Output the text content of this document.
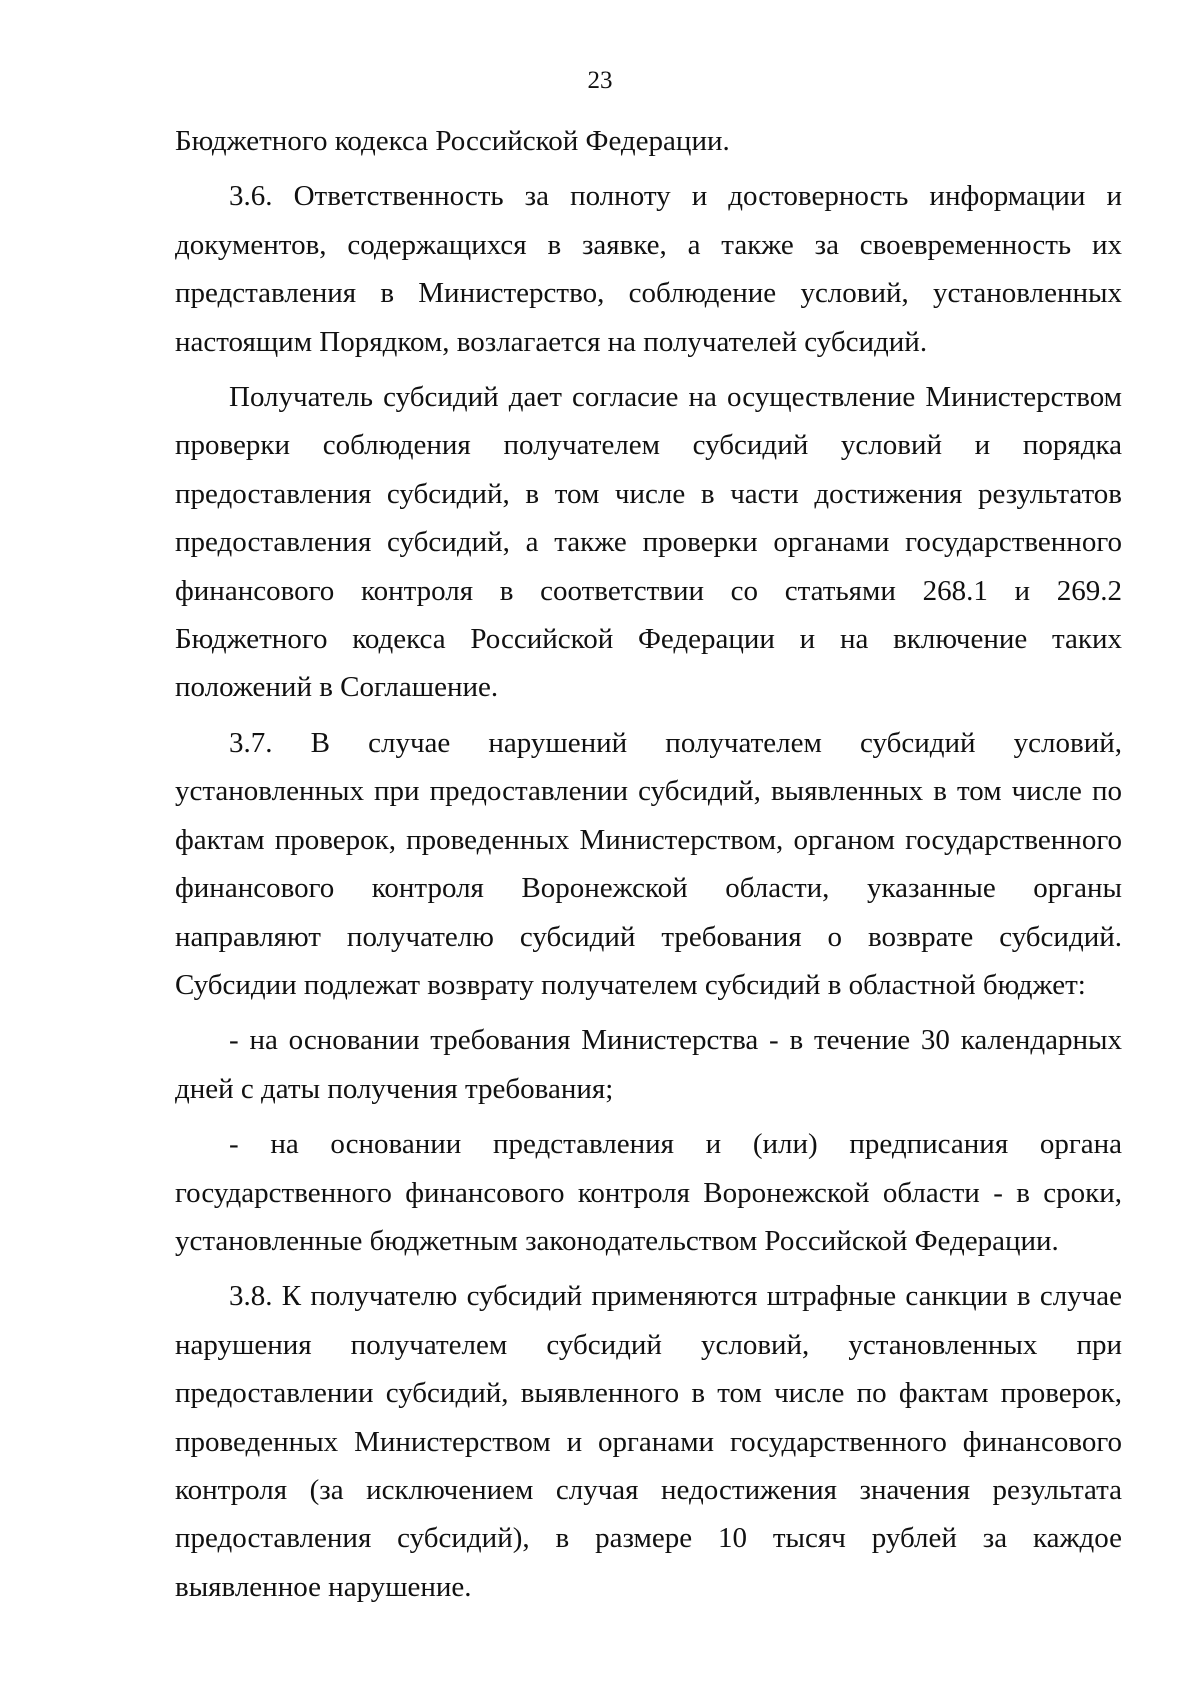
23

Бюджетного кодекса Российской Федерации.

3.6. Ответственность за полноту и достоверность информации и документов, содержащихся в заявке, а также за своевременность их представления в Министерство, соблюдение условий, установленных настоящим Порядком, возлагается на получателей субсидий.

Получатель субсидий дает согласие на осуществление Министерством проверки соблюдения получателем субсидий условий и порядка предоставления субсидий, в том числе в части достижения результатов предоставления субсидий, а также проверки органами государственного финансового контроля в соответствии со статьями 268.1 и 269.2 Бюджетного кодекса Российской Федерации и на включение таких положений в Соглашение.

3.7. В случае нарушений получателем субсидий условий, установленных при предоставлении субсидий, выявленных в том числе по фактам проверок, проведенных Министерством, органом государственного финансового контроля Воронежской области, указанные органы направляют получателю субсидий требования о возврате субсидий. Субсидии подлежат возврату получателем субсидий в областной бюджет:

- на основании требования Министерства - в течение 30 календарных дней с даты получения требования;

- на основании представления и (или) предписания органа государственного финансового контроля Воронежской области - в сроки, установленные бюджетным законодательством Российской Федерации.

3.8. К получателю субсидий применяются штрафные санкции в случае нарушения получателем субсидий условий, установленных при предоставлении субсидий, выявленного в том числе по фактам проверок, проведенных Министерством и органами государственного финансового контроля (за исключением случая недостижения значения результата предоставления субсидий), в размере 10 тысяч рублей за каждое выявленное нарушение.
